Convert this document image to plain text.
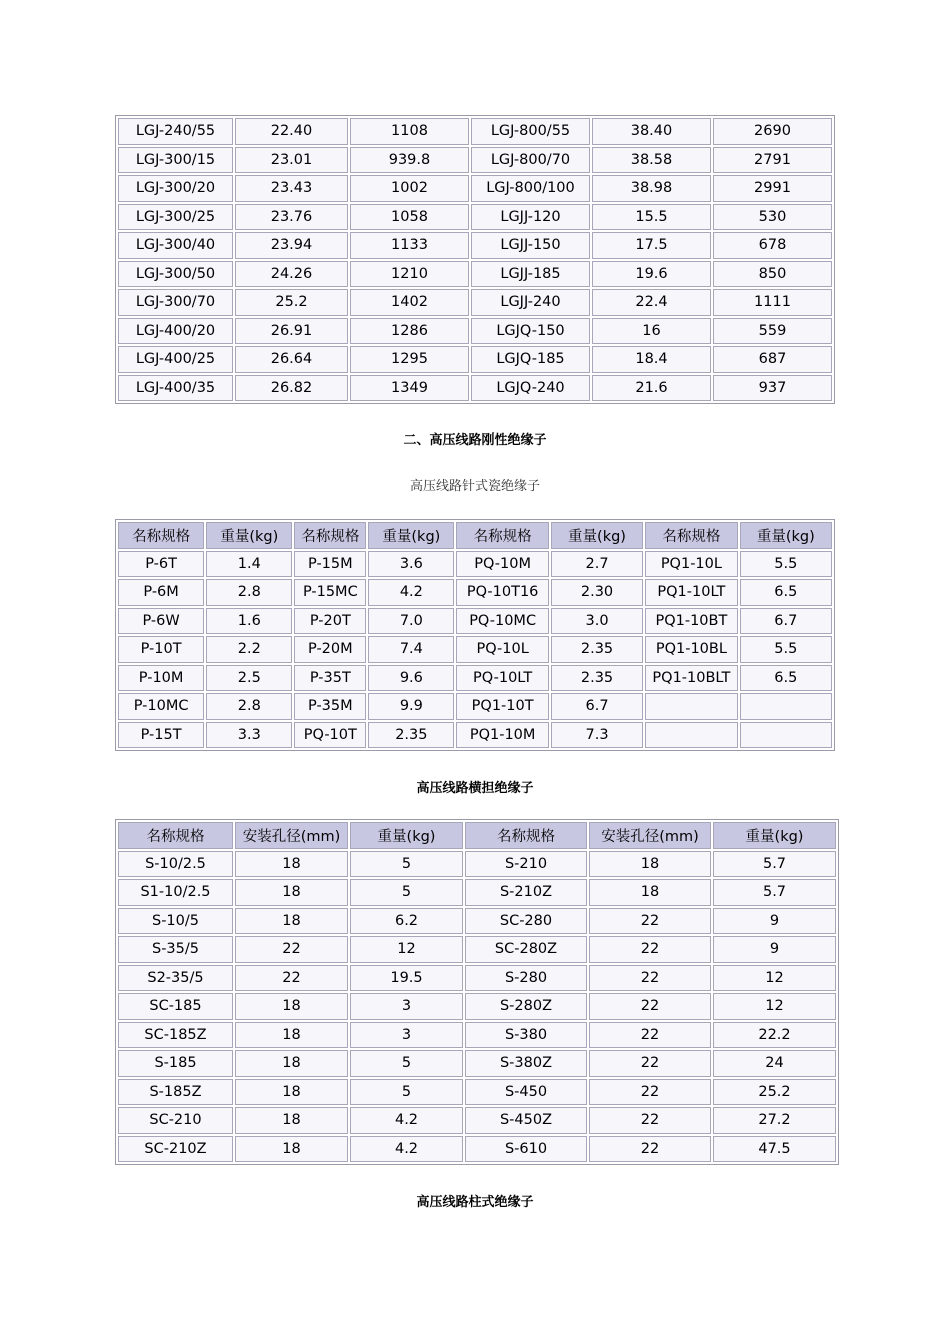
LGJ-240/55	22.40	1108	LGJ-800/55	38.40	2690
LGJ-300/15	23.01	939.8	LGJ-800/70	38.58	2791
LGJ-300/20	23.43	1002	LGJ-800/100	38.98	2991
LGJ-300/25	23.76	1058	LGJJ-120	15.5	530
LGJ-300/40	23.94	1133	LGJJ-150	17.5	678
LGJ-300/50	24.26	1210	LGJJ-185	19.6	850
LGJ-300/70	25.2	1402	LGJJ-240	22.4	1111
LGJ-400/20	26.91	1286	LGJQ-150	16	559
LGJ-400/25	26.64	1295	LGJQ-185	18.4	687
LGJ-400/35	26.82	1349	LGJQ-240	21.6	937
二、高压线路刚性绝缘子
高压线路针式瓷绝缘子
名称规格	重量(kg)	名称规格	重量(kg)	名称规格	重量(kg)	名称规格	重量(kg)
P-6T	1.4	P-15M	3.6	PQ-10M	2.7	PQ1-10L	5.5
P-6M	2.8	P-15MC	4.2	PQ-10T16	2.30	PQ1-10LT	6.5
P-6W	1.6	P-20T	7.0	PQ-10MC	3.0	PQ1-10BT	6.7
P-10T	2.2	P-20M	7.4	PQ-10L	2.35	PQ1-10BL	5.5
P-10M	2.5	P-35T	9.6	PQ-10LT	2.35	PQ1-10BLT	6.5
P-10MC	2.8	P-35M	9.9	PQ1-10T	6.7		
P-15T	3.3	PQ-10T	2.35	PQ1-10M	7.3		
高压线路横担绝缘子
名称规格	安装孔径(mm)	重量(kg)	名称规格	安装孔径(mm)	重量(kg)
S-10/2.5	18	5	S-210	18	5.7
S1-10/2.5	18	5	S-210Z	18	5.7
S-10/5	18	6.2	SC-280	22	9
S-35/5	22	12	SC-280Z	22	9
S2-35/5	22	19.5	S-280	22	12
SC-185	18	3	S-280Z	22	12
SC-185Z	18	3	S-380	22	22.2
S-185	18	5	S-380Z	22	24
S-185Z	18	5	S-450	22	25.2
SC-210	18	4.2	S-450Z	22	27.2
SC-210Z	18	4.2	S-610	22	47.5
高压线路柱式绝缘子
